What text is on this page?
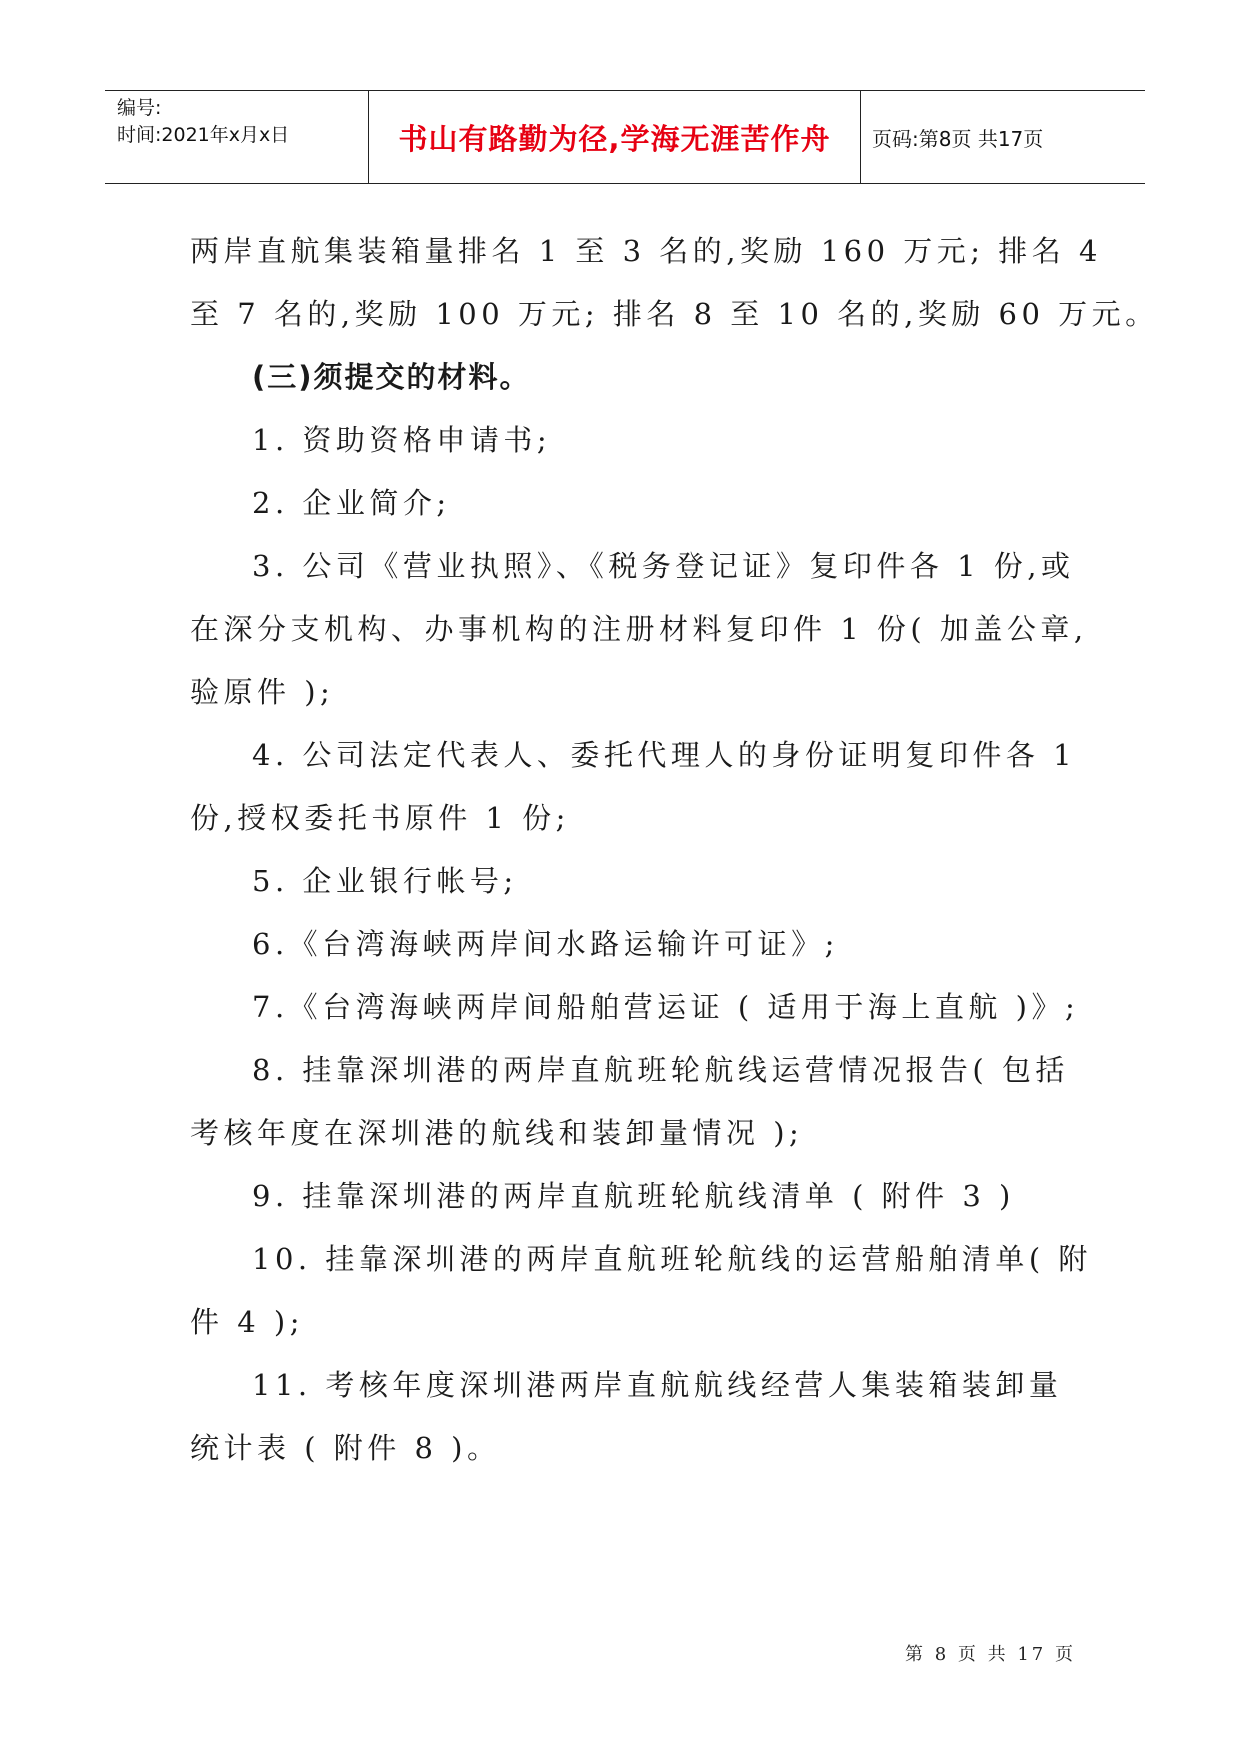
编号:
时间:2021年x月x日	书山有路勤为径,学海无涯苦作舟	页码:第8页 共17页

两岸直航集装箱量排名 1 至 3 名的,奖励 160 万元; 排名 4

至 7 名的,奖励 100 万元; 排名 8 至 10 名的,奖励 60 万元。

(三)须提交的材料。

1. 资助资格申请书;

2. 企业简介;

3. 公司《营业执照》、《税务登记证》复印件各 1 份,或

在深分支机构、办事机构的注册材料复印件 1 份( 加盖公章,

验原件 );

4. 公司法定代表人、委托代理人的身份证明复印件各 1

份,授权委托书原件 1 份;

5. 企业银行帐号;

6.《台湾海峡两岸间水路运输许可证》;

7.《台湾海峡两岸间船舶营运证 ( 适用于海上直航 )》;

8. 挂靠深圳港的两岸直航班轮航线运营情况报告( 包括

考核年度在深圳港的航线和装卸量情况 );

9. 挂靠深圳港的两岸直航班轮航线清单 ( 附件 3 )

10. 挂靠深圳港的两岸直航班轮航线的运营船舶清单( 附

件 4 );

11. 考核年度深圳港两岸直航航线经营人集装箱装卸量

统计表 ( 附件 8 )。

第 8 页 共 17 页
